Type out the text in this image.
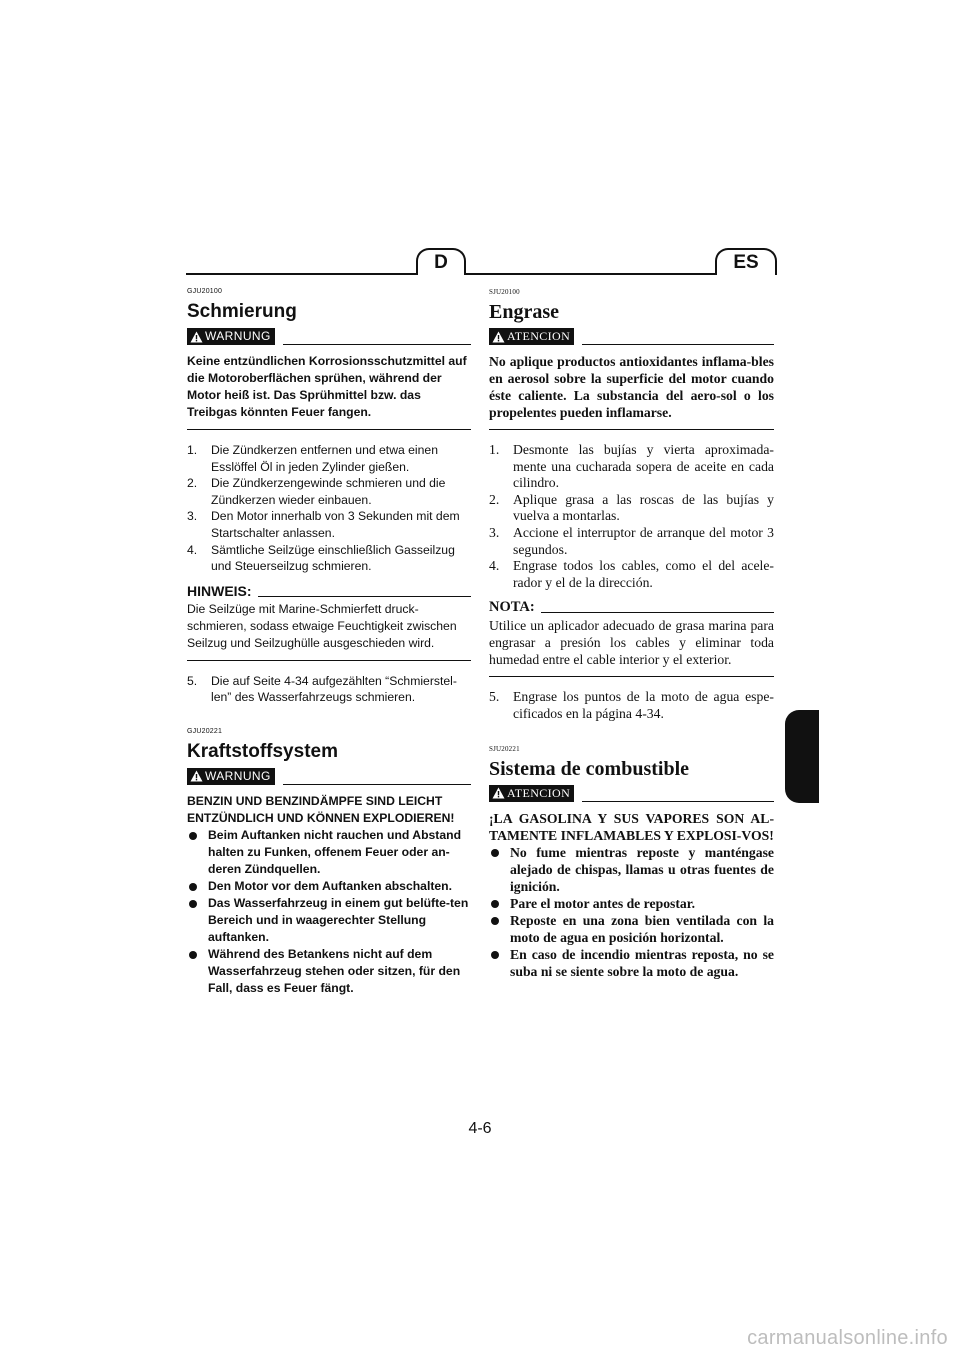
D	ES

GJU20100

Schmierung
WARNUNG

Keine entzündlichen Korrosionsschutzmittel auf die Motoroberflächen sprühen, während der Motor heiß ist. Das Sprühmittel bzw. das Treibgas könnten Feuer fangen.

1. Die Zündkerzen entfernen und etwa einen Esslöffel Öl in jeden Zylinder gießen.
2. Die Zündkerzengewinde schmieren und die Zündkerzen wieder einbauen.
3. Den Motor innerhalb von 3 Sekunden mit dem Startschalter anlassen.
4. Sämtliche Seilzüge einschließlich Gasseilzug und Steuerseilzug schmieren.
HINWEIS:

Die Seilzüge mit Marine-Schmierfett druck-schmieren, sodass etwaige Feuchtigkeit zwischen Seilzug und Seilzughülle ausgeschieden wird.

5. Die auf Seite 4-34 aufgezählten “Schmierstel-len” des Wasserfahrzeugs schmieren.

GJU20221

Kraftstoffsystem
WARNUNG

BENZIN UND BENZINDÄMPFE SIND LEICHT ENTZÜNDLICH UND KÖNNEN EXPLODIEREN!

Beim Auftanken nicht rauchen und Abstand halten zu Funken, offenem Feuer oder an-deren Zündquellen.
Den Motor vor dem Auftanken abschalten.
Das Wasserfahrzeug in einem gut belüfte-ten Bereich und in waagerechter Stellung auftanken.
Während des Betankens nicht auf dem Wasserfahrzeug stehen oder sitzen, für den Fall, dass es Feuer fängt.

SJU20100

Engrase
ATENCION

No aplique productos antioxidantes inflama-bles en aerosol sobre la superficie del motor cuando éste caliente. La substancia del aero-sol o los propelentes pueden inflamarse.

1. Desmonte las bujías y vierta aproximada-mente una cucharada sopera de aceite en cada cilindro.
2. Aplique grasa a las roscas de las bujías y vuelva a montarlas.
3. Accione el interruptor de arranque del motor 3 segundos.
4. Engrase todos los cables, como el del acele-rador y el de la dirección.
NOTA:

Utilice un aplicador adecuado de grasa marina para engrasar a presión los cables y eliminar toda humedad entre el cable interior y el exterior.

5. Engrase los puntos de la moto de agua espe-cificados en la página 4-34.

SJU20221

Sistema de combustible
ATENCION

¡LA GASOLINA Y SUS VAPORES SON AL-TAMENTE INFLAMABLES Y EXPLOSI-VOS!

No fume mientras reposte y manténgase alejado de chispas, llamas u otras fuentes de ignición.
Pare el motor antes de repostar.
Reposte en una zona bien ventilada con la moto de agua en posición horizontal.
En caso de incendio mientras reposta, no se suba ni se siente sobre la moto de agua.
4-6
carmanualsonline.info
